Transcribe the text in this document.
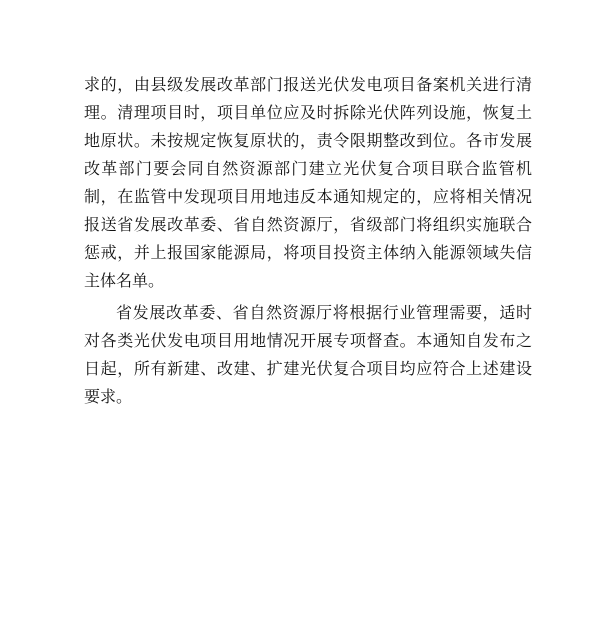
求的，由县级发展改革部门报送光伏发电项目备案机关进行清
理。清理项目时，项目单位应及时拆除光伏阵列设施，恢复土
地原状。未按规定恢复原状的，责令限期整改到位。各市发展
改革部门要会同自然资源部门建立光伏复合项目联合监管机
制，在监管中发现项目用地违反本通知规定的，应将相关情况
报送省发展改革委、省自然资源厅，省级部门将组织实施联合
惩戒，并上报国家能源局，将项目投资主体纳入能源领域失信
主体名单。
省发展改革委、省自然资源厅将根据行业管理需要，适时
对各类光伏发电项目用地情况开展专项督查。本通知自发布之
日起，所有新建、改建、扩建光伏复合项目均应符合上述建设
要求。
